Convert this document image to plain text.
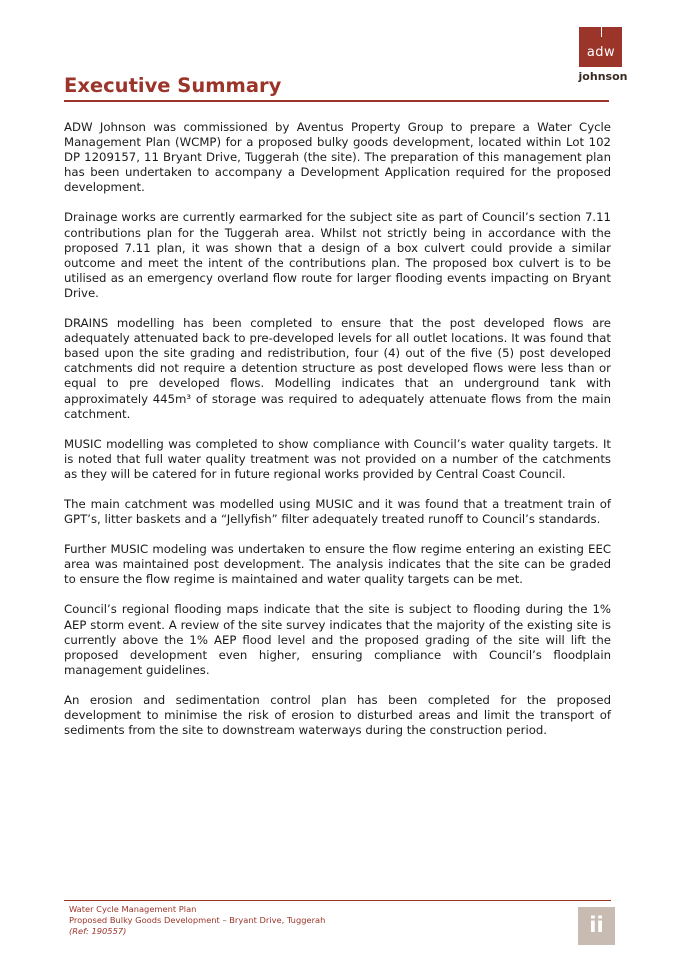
adw
johnson
Executive Summary

ADW Johnson was commissioned by Aventus Property Group to prepare a Water Cycle Management Plan (WCMP) for a proposed bulky goods development, located within Lot 102 DP 1209157, 11 Bryant Drive, Tuggerah (the site). The preparation of this management plan has been undertaken to accompany a Development Application required for the proposed development.

Drainage works are currently earmarked for the subject site as part of Council’s section 7.11 contributions plan for the Tuggerah area. Whilst not strictly being in accordance with the proposed 7.11 plan, it was shown that a design of a box culvert could provide a similar outcome and meet the intent of the contributions plan. The proposed box culvert is to be utilised as an emergency overland flow route for larger flooding events impacting on Bryant Drive.

DRAINS modelling has been completed to ensure that the post developed flows are adequately attenuated back to pre-developed levels for all outlet locations. It was found that based upon the site grading and redistribution, four (4) out of the five (5) post developed catchments did not require a detention structure as post developed flows were less than or equal to pre developed flows. Modelling indicates that an underground tank with approximately 445m³ of storage was required to adequately attenuate flows from the main catchment.

MUSIC modelling was completed to show compliance with Council’s water quality targets. It is noted that full water quality treatment was not provided on a number of the catchments as they will be catered for in future regional works provided by Central Coast Council.

The main catchment was modelled using MUSIC and it was found that a treatment train of GPT’s, litter baskets and a “Jellyfish” filter adequately treated runoff to Council’s standards.

Further MUSIC modeling was undertaken to ensure the flow regime entering an existing EEC area was maintained post development. The analysis indicates that the site can be graded to ensure the flow regime is maintained and water quality targets can be met.

Council’s regional flooding maps indicate that the site is subject to flooding during the 1% AEP storm event. A review of the site survey indicates that the majority of the existing site is currently above the 1% AEP flood level and the proposed grading of the site will lift the proposed development even higher, ensuring compliance with Council’s floodplain management guidelines.

An erosion and sedimentation control plan has been completed for the proposed development to minimise the risk of erosion to disturbed areas and limit the transport of sediments from the site to downstream waterways during the construction period.

Water Cycle Management Plan
Proposed Bulky Goods Development – Bryant Drive, Tuggerah
(Ref: 190557)	ii
